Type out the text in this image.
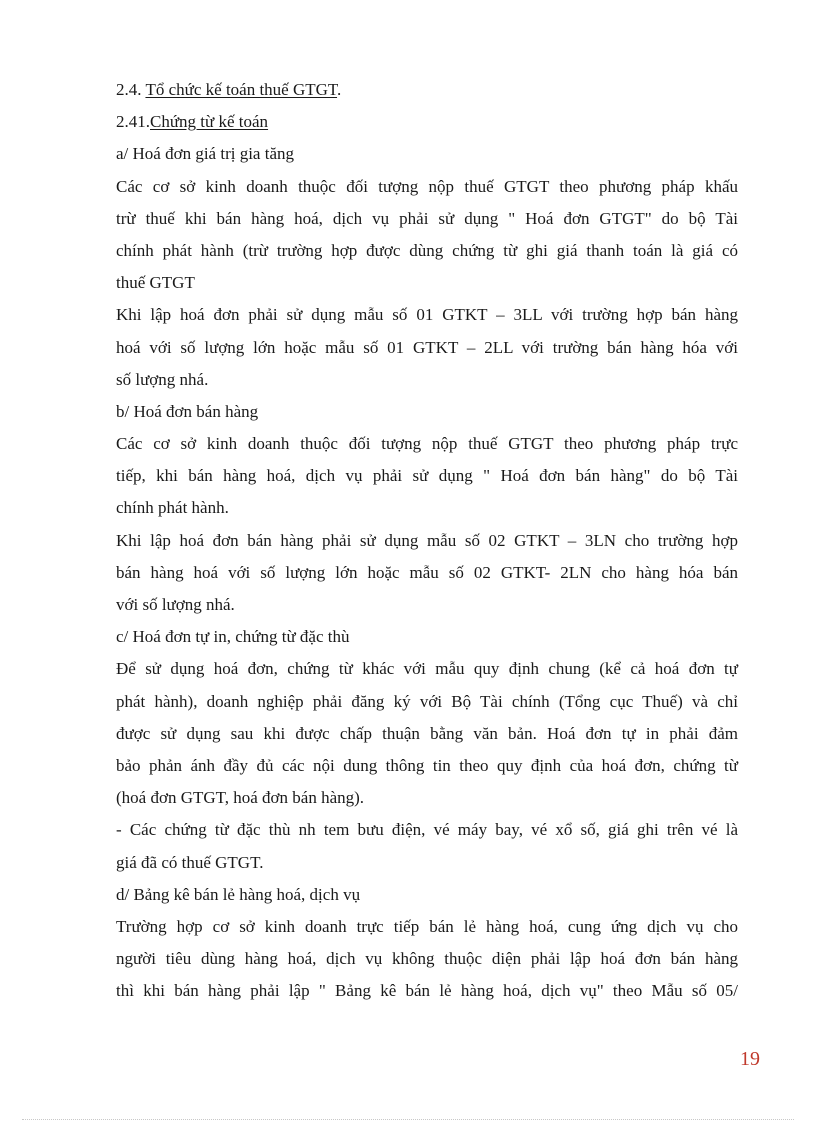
2.4. Tổ chức kế toán thuế GTGT.
2.41.Chứng từ kế toán
a/ Hoá đơn giá trị gia tăng
Các cơ sở kinh doanh thuộc đối tượng nộp thuế GTGT theo phương pháp khấu
trừ thuế khi bán hàng hoá, dịch vụ phải sử dụng " Hoá đơn GTGT" do bộ Tài
chính phát hành (trừ trường hợp được dùng chứng từ ghi giá thanh toán là giá có
thuế GTGT
Khi lập hoá đơn phải sử dụng mẫu số 01 GTKT – 3LL với trường hợp bán hàng
hoá với số lượng lớn hoặc mẫu số 01 GTKT – 2LL với trường bán hàng hóa với
số lượng nhá.
b/ Hoá đơn bán hàng
Các cơ sở kinh doanh thuộc đối tượng nộp thuế GTGT theo phương pháp trực
tiếp, khi bán hàng hoá, dịch vụ phải sử dụng " Hoá đơn bán hàng" do bộ Tài
chính phát hành.
Khi lập hoá đơn bán hàng phải sử dụng mẫu số 02 GTKT – 3LN cho trường hợp
bán hàng hoá với số lượng lớn hoặc mẫu số 02 GTKT- 2LN cho hàng hóa bán
với số lượng nhá.
c/ Hoá đơn tự in, chứng từ đặc thù
Để sử dụng hoá đơn, chứng từ khác với mẫu quy định chung (kể cả hoá đơn tự
phát hành), doanh nghiệp phải đăng ký với Bộ Tài chính (Tổng cục Thuế) và chỉ
được sử dụng sau khi được chấp thuận bằng văn bản. Hoá đơn tự in phải đảm
bảo phản ánh đầy đủ các nội dung thông tin theo quy định của hoá đơn, chứng từ
(hoá đơn GTGT, hoá đơn bán hàng).
- Các chứng từ đặc thù nh tem bưu điện, vé máy bay, vé xổ số, giá ghi trên vé là
giá đã có thuế GTGT.
d/ Bảng kê bán lẻ hàng hoá, dịch vụ
Trường hợp cơ sở kinh doanh trực tiếp bán lẻ hàng hoá, cung ứng dịch vụ cho
người tiêu dùng hàng hoá, dịch vụ không thuộc diện phải lập hoá đơn bán hàng
thì khi bán hàng phải lập " Bảng kê bán lẻ hàng hoá, dịch vụ" theo Mẫu số 05/
19
